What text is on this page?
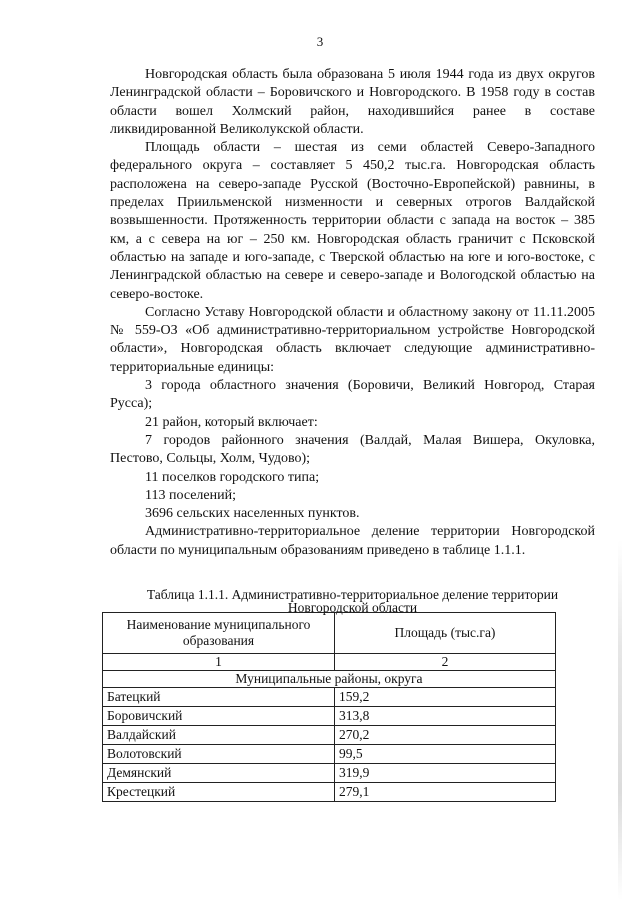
3

Новгородская область была образована 5 июля 1944 года из двух округов Ленинградской области – Боровичского и Новгородского. В 1958 году в состав области вошел Холмский район, находившийся ранее в составе ликвидированной Великолукской области.

Площадь области – шестая из семи областей Северо-Западного федерального округа – составляет 5 450,2 тыс.га. Новгородская область расположена на северо-западе Русской (Восточно-Европейской) равнины, в пределах Приильменской низменности и северных отрогов Валдайской возвышенности. Протяженность территории области с запада на восток – 385 км, а с севера на юг – 250 км. Новгородская область граничит с Псковской областью на западе и юго-западе, с Тверской областью на юге и юго-востоке, с Ленинградской областью на севере и северо-западе и Вологодской областью на северо-востоке.

Согласно Уставу Новгородской области и областному закону от 11.11.2005 № 559-ОЗ «Об административно-территориальном устройстве Новгородской области», Новгородская область включает следующие административно-территориальные единицы:

3 города областного значения (Боровичи, Великий Новгород, Старая Русса);

21 район, который включает:

7 городов районного значения (Валдай, Малая Вишера, Окуловка, Пестово, Сольцы, Холм, Чудово);

11 поселков городского типа;

113 поселений;

3696 сельских населенных пунктов.

Административно-территориальное деление территории Новгородской области по муниципальным образованиям приведено в таблице 1.1.1.

Таблица 1.1.1. Административно-территориальное деление территории Новгородской области
Наименование муниципального образования	Площадь (тыс.га)
1	2
Муниципальные районы, округа	
Батецкий	159,2
Боровичский	313,8
Валдайский	270,2
Волотовский	99,5
Демянский	319,9
Крестецкий	279,1
